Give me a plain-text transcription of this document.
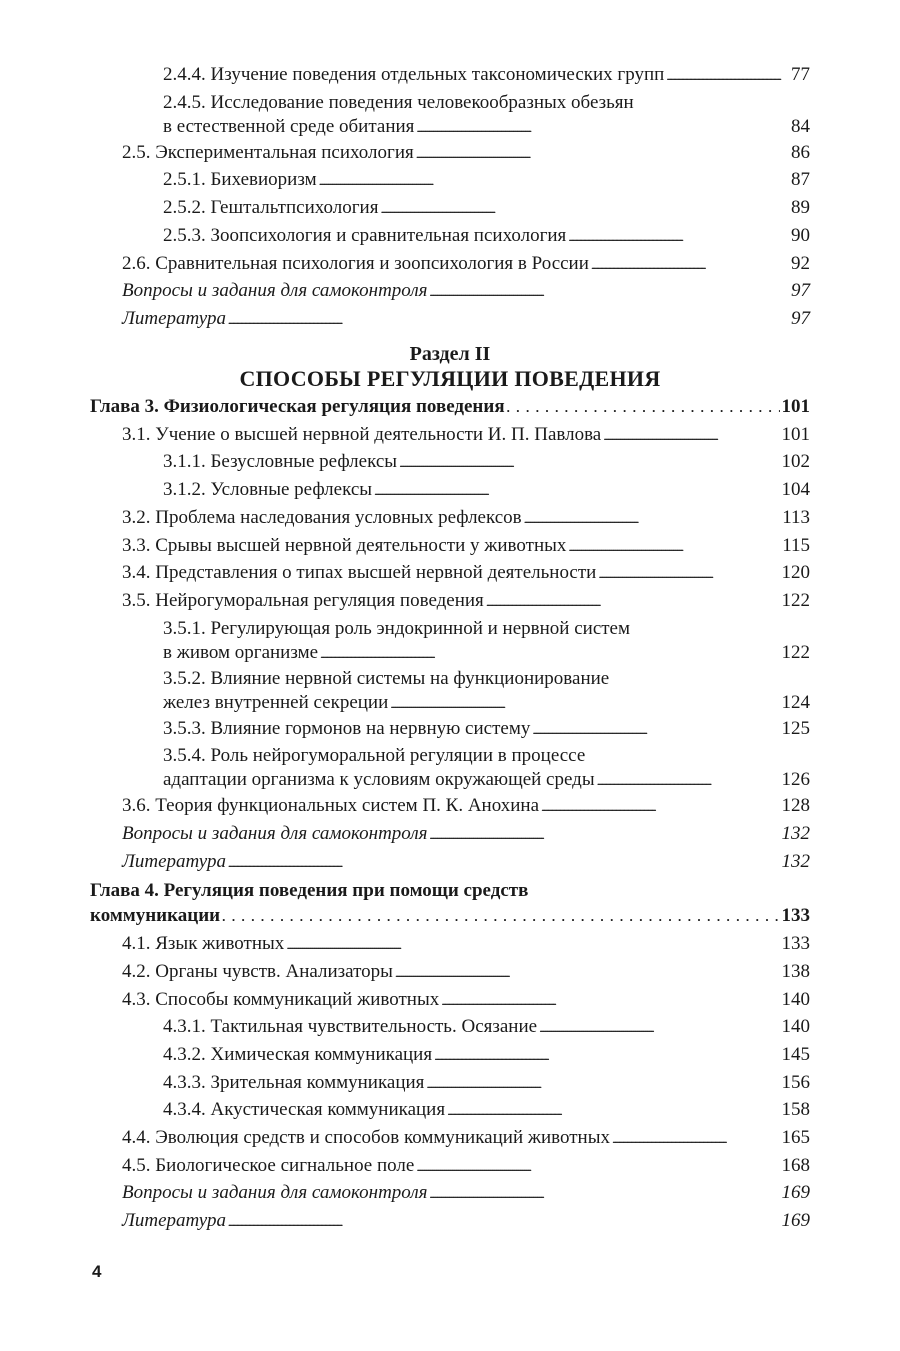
2.4.4. Изучение поведения отдельных таксономических групп . . .	77
2.4.5. Исследование поведения человекообразных обезьян
в естественной среде обитания . . .	84
2.5. Экспериментальная психология . . .	86
2.5.1. Бихевиоризм . . .	87
2.5.2. Гештальтпсихология . . .	89
2.5.3. Зоопсихология и сравнительная психология . . .	90
2.6. Сравнительная психология и зоопсихология в России . . .	92
Вопросы и задания для самоконтроля . . .	97
Литература . . .	97
Раздел II
СПОСОБЫ РЕГУЛЯЦИИ ПОВЕДЕНИЯ
Глава 3. Физиологическая регуляция поведения . . .	101
3.1. Учение о высшей нервной деятельности И. П. Павлова . . .	101
3.1.1. Безусловные рефлексы . . .	102
3.1.2. Условные рефлексы . . .	104
3.2. Проблема наследования условных рефлексов . . .	113
3.3. Срывы высшей нервной деятельности у животных . . .	115
3.4. Представления о типах высшей нервной деятельности . . .	120
3.5. Нейрогуморальная регуляция поведения . . .	122
3.5.1. Регулирующая роль эндокринной и нервной систем
в живом организме . . .	122
3.5.2. Влияние нервной системы на функционирование
желез внутренней секреции . . .	124
3.5.3. Влияние гормонов на нервную систему . . .	125
3.5.4. Роль нейрогуморальной регуляции в процессе
адаптации организма к условиям окружающей среды . . .	126
3.6. Теория функциональных систем П. К. Анохина . . .	128
Вопросы и задания для самоконтроля . . .	132
Литература . . .	132
Глава 4. Регуляция поведения при помощи средств
коммуникации . . .	133
4.1. Язык животных . . .	133
4.2. Органы чувств. Анализаторы . . .	138
4.3. Способы коммуникаций животных . . .	140
4.3.1. Тактильная чувствительность. Осязание . . .	140
4.3.2. Химическая коммуникация . . .	145
4.3.3. Зрительная коммуникация . . .	156
4.3.4. Акустическая коммуникация . . .	158
4.4. Эволюция средств и способов коммуникаций животных . . .	165
4.5. Биологическое сигнальное поле . . .	168
Вопросы и задания для самоконтроля . . .	169
Литература . . .	169
4
